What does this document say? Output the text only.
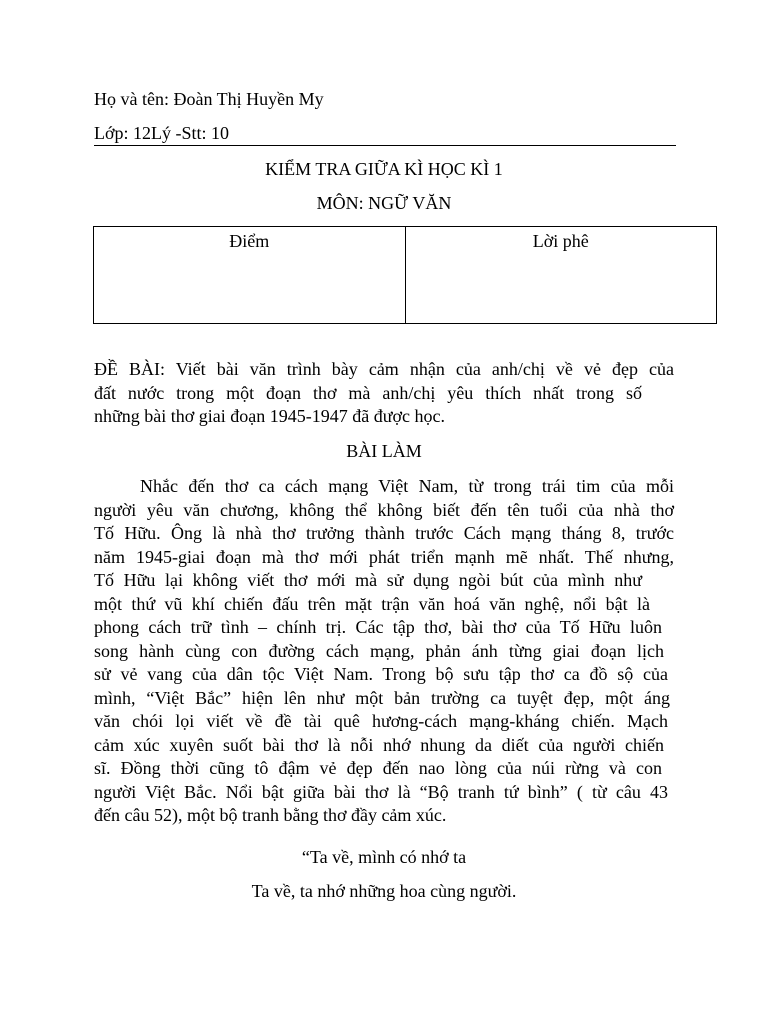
Họ và tên: Đoàn Thị Huyền My
Lớp: 12Lý -Stt: 10
KIỂM TRA GIỮA KÌ HỌC KÌ 1
MÔN: NGỮ VĂN
Điểm	Lời phê
ĐỀ BÀI: Viết bài văn trình bày cảm nhận của anh/chị về vẻ đẹp của
đất nước trong một đoạn thơ mà anh/chị yêu thích nhất trong số
những bài thơ giai đoạn 1945-1947 đã được học.
BÀI LÀM
Nhắc đến thơ ca cách mạng Việt Nam, từ trong trái tim của mỗi
người yêu văn chương, không thể không biết đến tên tuổi của nhà thơ
Tố Hữu. Ông là nhà thơ trưởng thành trước Cách mạng tháng 8, trước
năm 1945-giai đoạn mà thơ mới phát triển mạnh mẽ nhất. Thế nhưng,
Tố Hữu lại không viết thơ mới mà sử dụng ngòi bút của mình như
một thứ vũ khí chiến đấu trên mặt trận văn hoá văn nghệ, nổi bật là
phong cách trữ tình – chính trị. Các tập thơ, bài thơ của Tố Hữu luôn
song hành cùng con đường cách mạng, phản ánh từng giai đoạn lịch
sử vẻ vang của dân tộc Việt Nam. Trong bộ sưu tập thơ ca đồ sộ của
mình, “Việt Bắc” hiện lên như một bản trường ca tuyệt đẹp, một áng
văn chói lọi viết về đề tài quê hương-cách mạng-kháng chiến. Mạch
cảm xúc xuyên suốt bài thơ là nỗi nhớ nhung da diết của người chiến
sĩ. Đồng thời cũng tô đậm vẻ đẹp đến nao lòng của núi rừng và con
người Việt Bắc. Nổi bật giữa bài thơ là “Bộ tranh tứ bình” ( từ câu 43
đến câu 52), một bộ tranh bằng thơ đầy cảm xúc.
“Ta về, mình có nhớ ta
Ta về, ta nhớ những hoa cùng người.
